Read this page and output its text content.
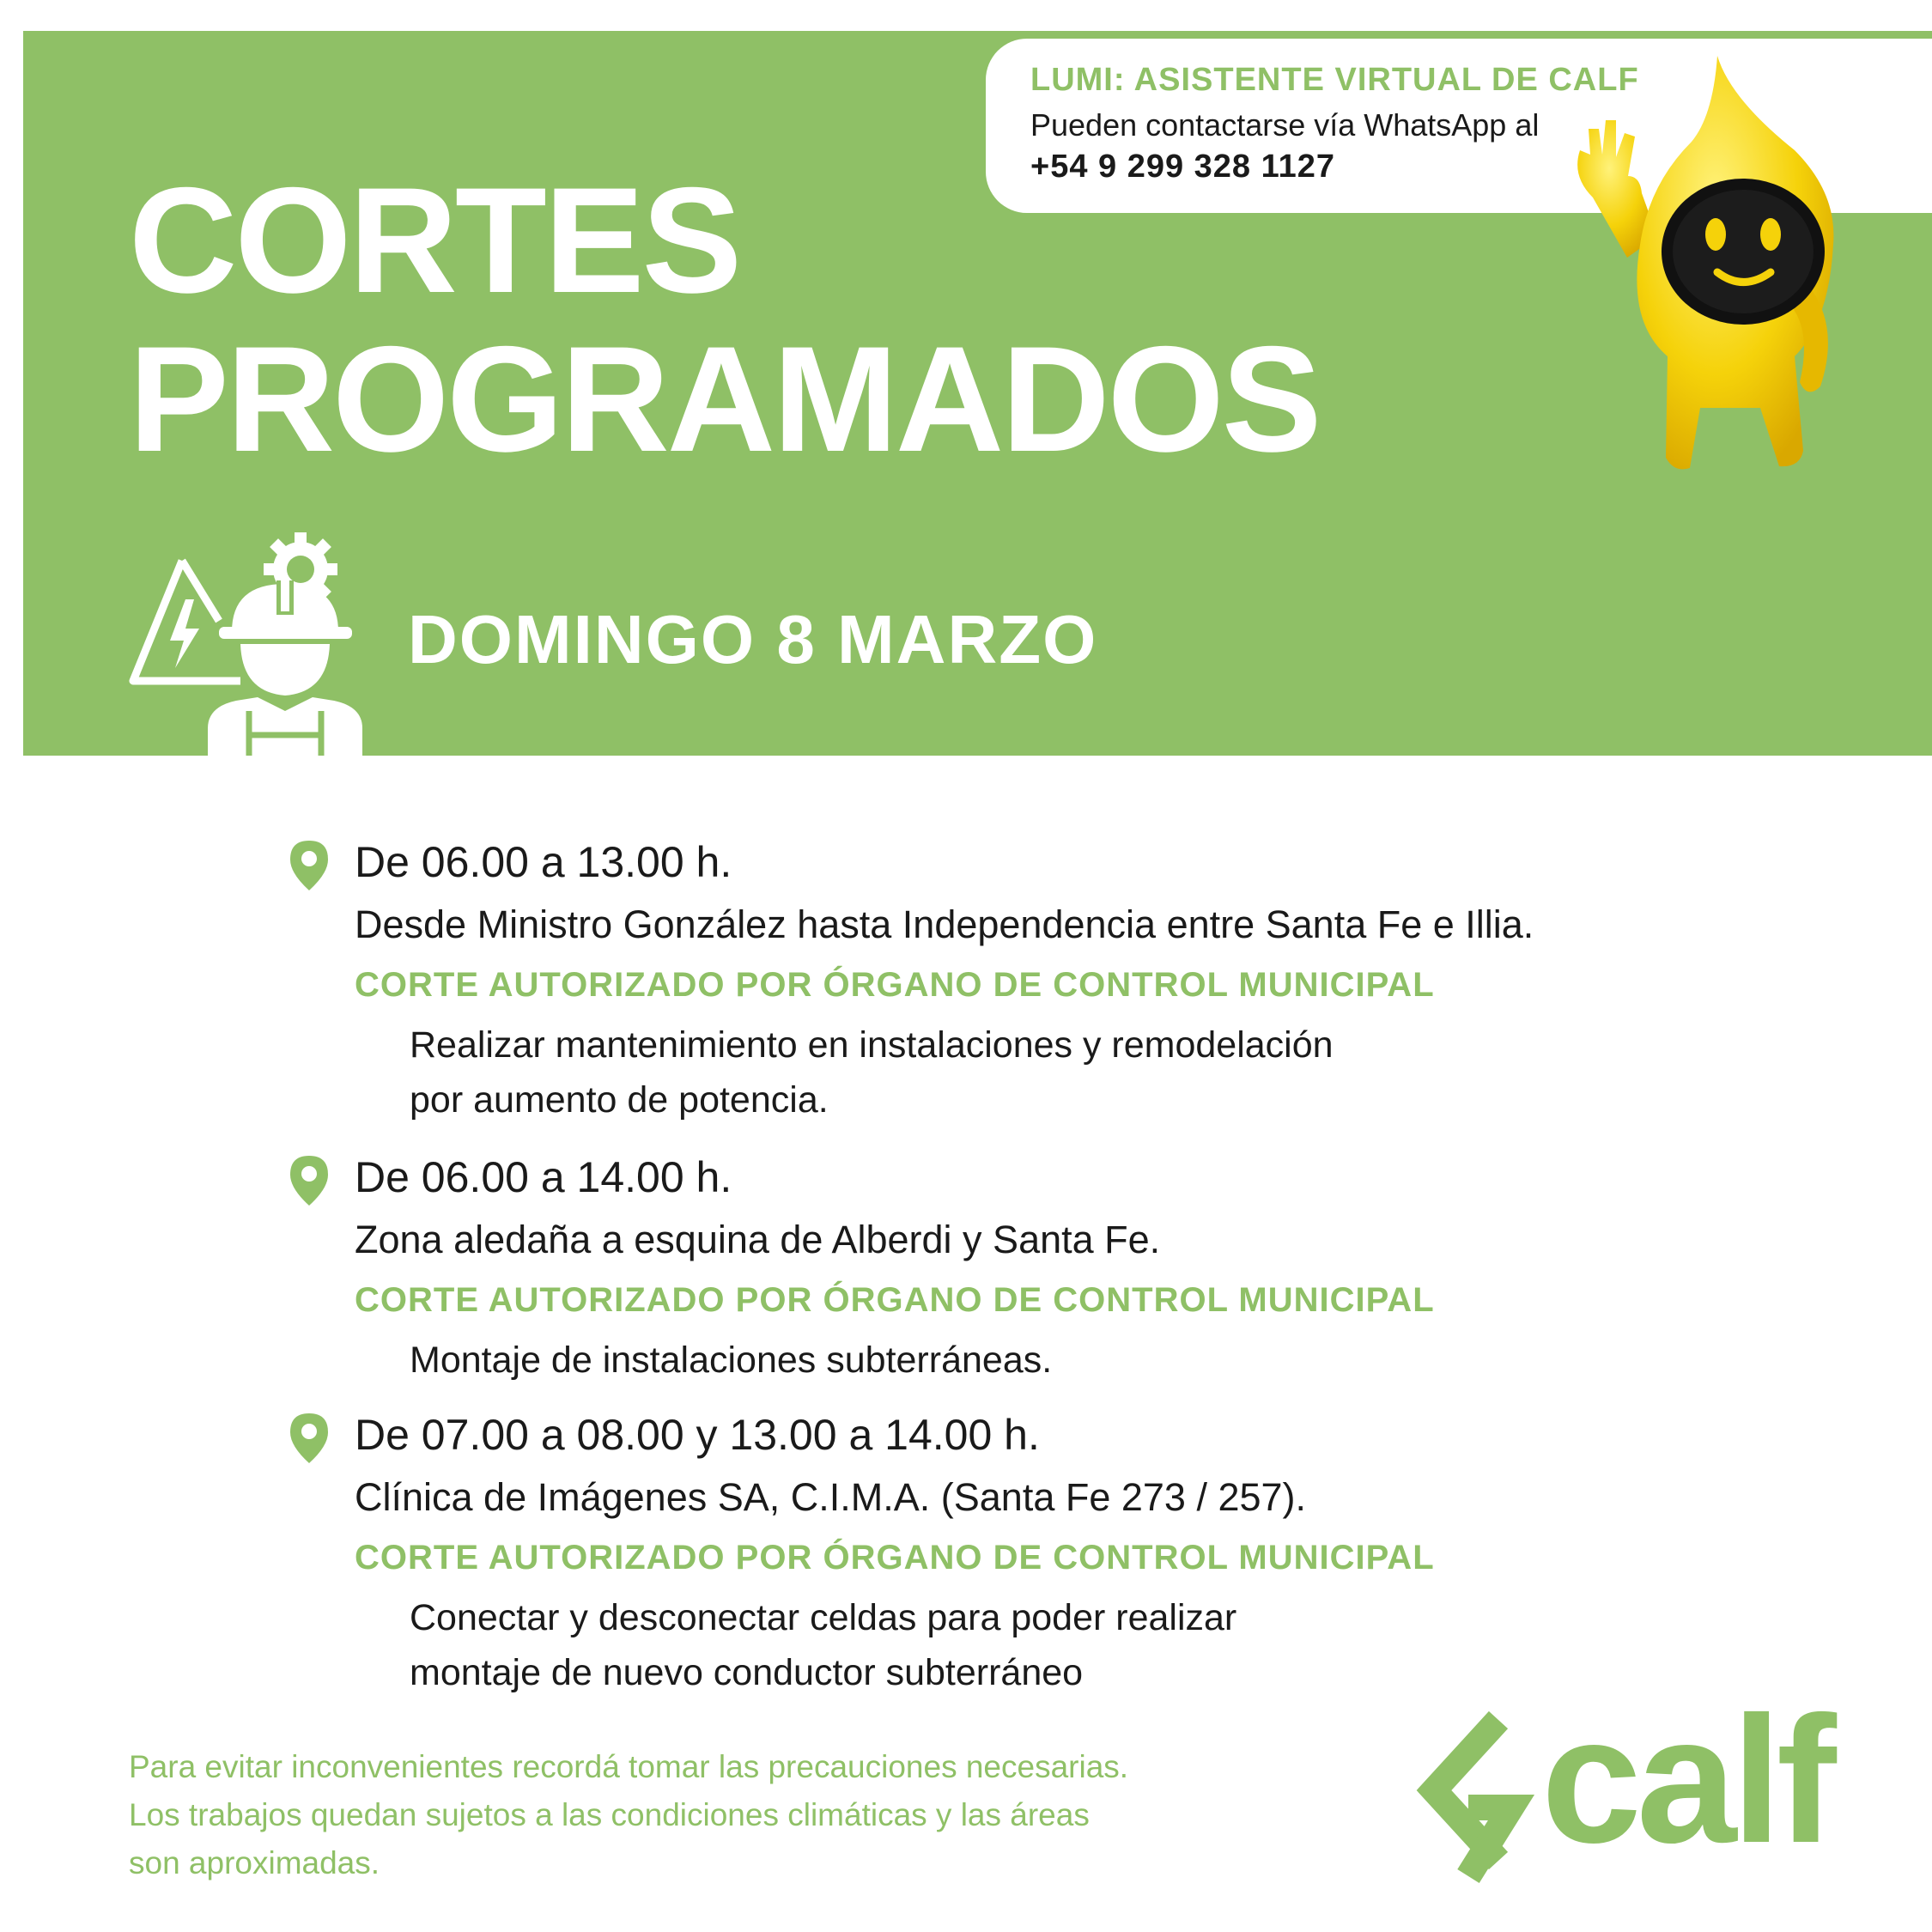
CORTES
PROGRAMADOS
DOMINGO 8 MARZO
LUMI: ASISTENTE VIRTUAL DE CALF
Pueden contactarse vía WhatsApp al
+54 9 299 328 1127
De 06.00 a 13.00 h.
Desde Ministro González hasta Independencia entre Santa Fe e Illia.
CORTE AUTORIZADO POR ÓRGANO DE CONTROL MUNICIPAL
Realizar mantenimiento en instalaciones y remodelación
por aumento de potencia.
De 06.00 a 14.00 h.
Zona aledaña a esquina de Alberdi y Santa Fe.
CORTE AUTORIZADO POR ÓRGANO DE CONTROL MUNICIPAL
Montaje de instalaciones subterráneas.
De 07.00 a 08.00 y 13.00 a 14.00 h.
Clínica de Imágenes SA, C.I.M.A. (Santa Fe 273 / 257).
CORTE AUTORIZADO POR ÓRGANO DE CONTROL MUNICIPAL
Conectar y desconectar celdas para poder realizar
montaje de nuevo conductor subterráneo
Para evitar inconvenientes recordá tomar las precauciones necesarias.
Los trabajos quedan sujetos a las condiciones climáticas y las áreas
son aproximadas.	calf
